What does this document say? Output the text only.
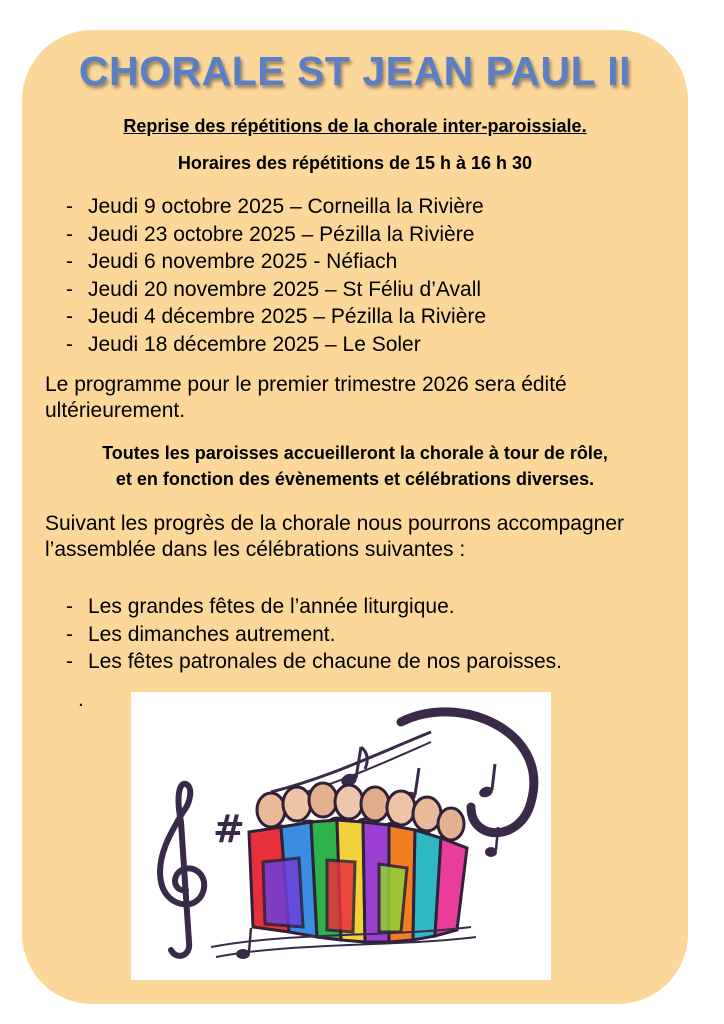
CHORALE ST JEAN PAUL II
Reprise des répétitions de la chorale inter-paroissiale.
Horaires des répétitions de 15 h à 16 h 30
- Jeudi 9 octobre 2025 – Corneilla la Rivière
- Jeudi 23 octobre 2025 – Pézilla la Rivière
- Jeudi 6 novembre 2025 - Néfiach
- Jeudi 20 novembre 2025 – St Féliu d’Avall
- Jeudi 4 décembre 2025 – Pézilla la Rivière
- Jeudi 18 décembre 2025 – Le Soler
Le programme pour le premier trimestre 2026 sera édité ultérieurement.
Toutes les paroisses accueilleront la chorale à tour de rôle,
et en fonction des évènements et célébrations diverses.
Suivant les progrès de la chorale nous pourrons accompagner l’assemblée dans les célébrations suivantes :
- Les grandes fêtes de l’année liturgique.
- Les dimanches autrement.
- Les fêtes patronales de chacune de nos paroisses.
.
#
